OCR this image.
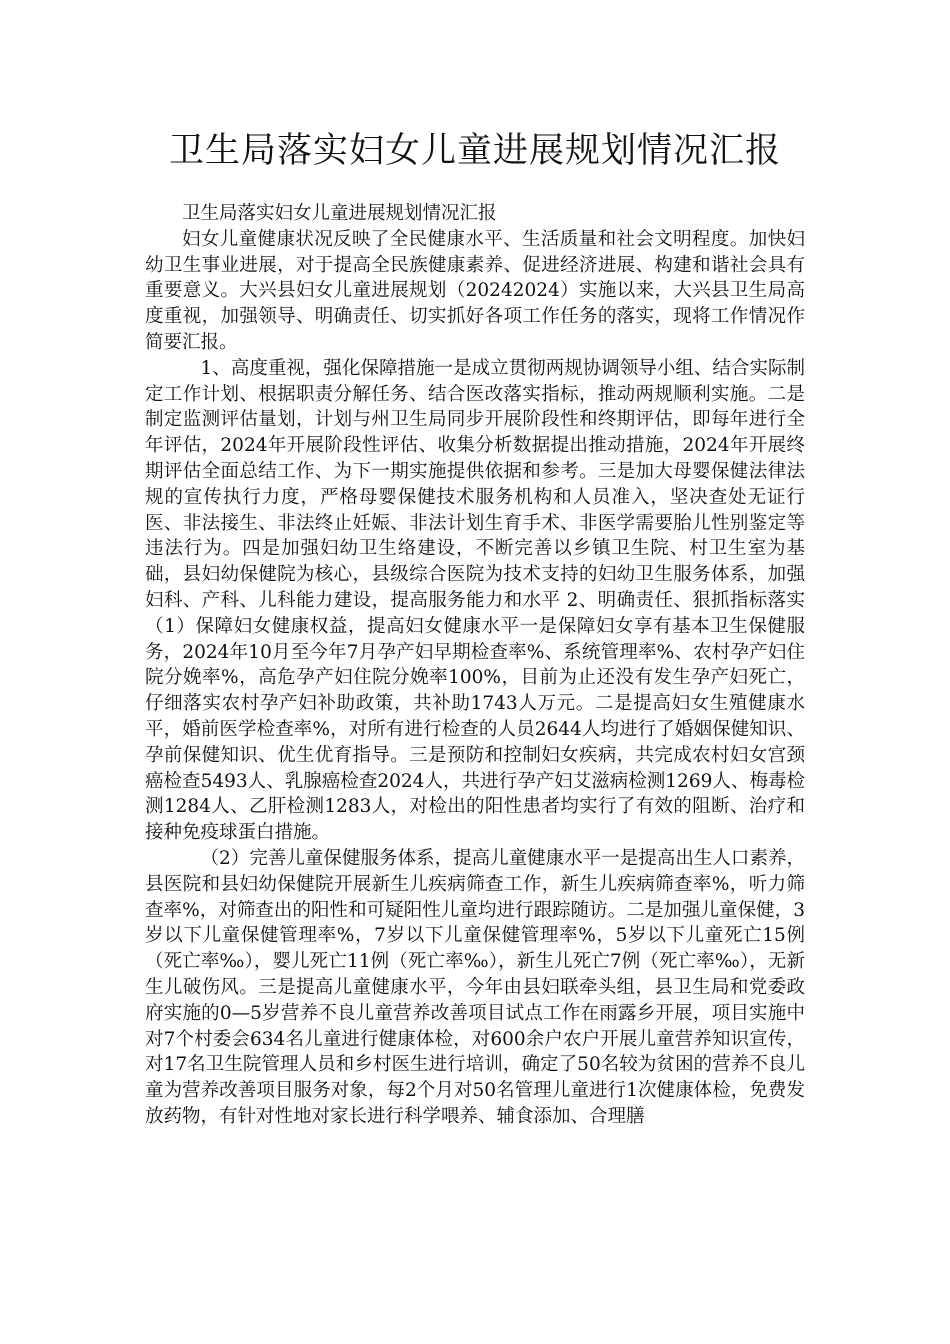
卫生局落实妇女儿童进展规划情况汇报

卫生局落实妇女儿童进展规划情况汇报

妇女儿童健康状况反映了全民健康水平、生活质量和社会文明程度。加快妇幼卫生事业进展，对于提高全民族健康素养、促进经济进展、构建和谐社会具有重要意义。大兴县妇女儿童进展规划（20242024）实施以来，大兴县卫生局高度重视，加强领导、明确责任、切实抓好各项工作任务的落实，现将工作情况作简要汇报。

1、高度重视，强化保障措施一是成立贯彻两规协调领导小组、结合实际制定工作计划、根据职责分解任务、结合医改落实指标，推动两规顺利实施。二是制定监测评估量划，计划与州卫生局同步开展阶段性和终期评估，即每年进行全年评估，2024年开展阶段性评估、收集分析数据提出推动措施，2024年开展终期评估全面总结工作、为下一期实施提供依据和参考。三是加大母婴保健法律法规的宣传执行力度，严格母婴保健技术服务机构和人员准入，坚决查处无证行医、非法接生、非法终止妊娠、非法计划生育手术、非医学需要胎儿性别鉴定等违法行为。四是加强妇幼卫生络建设，不断完善以乡镇卫生院、村卫生室为基础，县妇幼保健院为核心，县级综合医院为技术支持的妇幼卫生服务体系，加强妇科、产科、儿科能力建设，提高服务能力和水平 2、明确责任、狠抓指标落实（1）保障妇女健康权益，提高妇女健康水平一是保障妇女享有基本卫生保健服务，2024年10月至今年7月孕产妇早期检查率%、系统管理率%、农村孕产妇住院分娩率%，高危孕产妇住院分娩率100%，目前为止还没有发生孕产妇死亡，仔细落实农村孕产妇补助政策，共补助1743人万元。二是提高妇女生殖健康水平，婚前医学检查率%，对所有进行检查的人员2644人均进行了婚姻保健知识、孕前保健知识、优生优育指导。三是预防和控制妇女疾病，共完成农村妇女宫颈癌检查5493人、乳腺癌检查2024人，共进行孕产妇艾滋病检测1269人、梅毒检测1284人、乙肝检测1283人，对检出的阳性患者均实行了有效的阻断、治疗和接种免疫球蛋白措施。

（2）完善儿童保健服务体系，提高儿童健康水平一是提高出生人口素养，县医院和县妇幼保健院开展新生儿疾病筛查工作，新生儿疾病筛查率%，听力筛查率%，对筛查出的阳性和可疑阳性儿童均进行跟踪随访。二是加强儿童保健，3岁以下儿童保健管理率%，7岁以下儿童保健管理率%，5岁以下儿童死亡15例（死亡率‰），婴儿死亡11例（死亡率‰），新生儿死亡7例（死亡率‰），无新生儿破伤风。三是提高儿童健康水平，今年由县妇联牵头组，县卫生局和党委政府实施的0—5岁营养不良儿童营养改善项目试点工作在雨露乡开展，项目实施中对7个村委会634名儿童进行健康体检，对600余户农户开展儿童营养知识宣传，对17名卫生院管理人员和乡村医生进行培训，确定了50名较为贫困的营养不良儿童为营养改善项目服务对象，每2个月对50名管理儿童进行1次健康体检，免费发放药物，有针对性地对家长进行科学喂养、辅食添加、合理膳
